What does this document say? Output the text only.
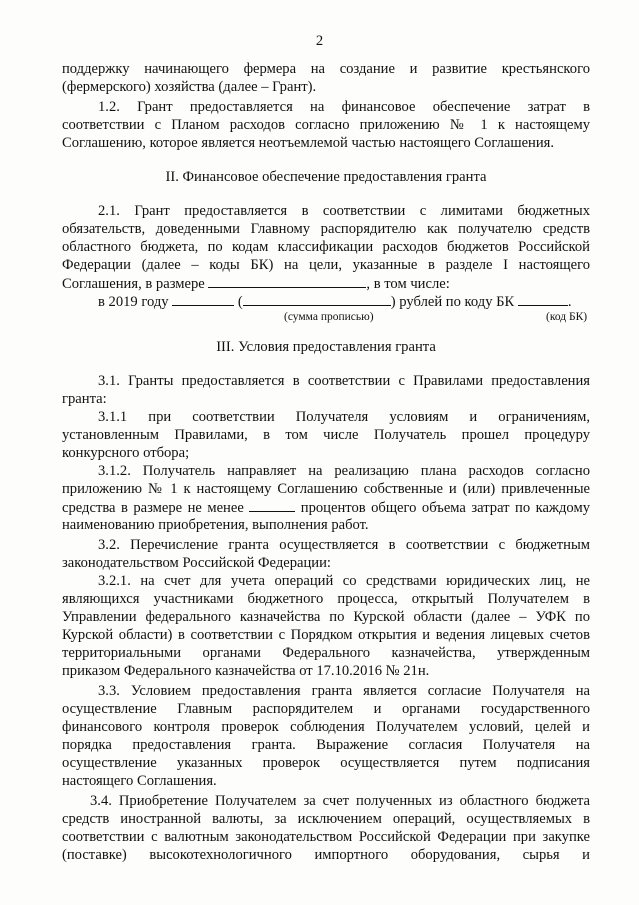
2
поддержку начинающего фермера на создание и развитие крестьянского
(фермерского) хозяйства (далее – Грант).
1.2. Грант предоставляется на финансовое обеспечение затрат в
соответствии с Планом расходов согласно приложению № 1 к настоящему
Соглашению, которое является неотъемлемой частью настоящего Соглашения.
II. Финансовое обеспечение предоставления гранта
2.1. Грант предоставляется в соответствии с лимитами бюджетных
обязательств, доведенными Главному распорядителю как получателю средств
областного бюджета, по кодам классификации расходов бюджетов Российской
Федерации (далее – коды БК) на цели, указанные в разделе I настоящего
Соглашения, в размере	, в том числе:
в 2019 году	(	) рублей по коду БК	.
(сумма прописью)	(код БК)
III. Условия предоставления гранта
3.1. Гранты предоставляется в соответствии с Правилами предоставления
гранта:
3.1.1 при соответствии Получателя условиям и ограничениям,
установленным Правилами, в том числе Получатель прошел процедуру
конкурсного отбора;
3.1.2. Получатель направляет на реализацию плана расходов согласно
приложению № 1 к настоящему Соглашению собственные и (или) привлеченные
средства в размере не менее	процентов общего объема затрат по каждому
наименованию приобретения, выполнения работ.
3.2. Перечисление гранта осуществляется в соответствии с бюджетным
законодательством Российской Федерации:
3.2.1. на счет для учета операций со средствами юридических лиц, не
являющихся участниками бюджетного процесса, открытый Получателем в
Управлении федерального казначейства по Курской области (далее – УФК по
Курской области) в соответствии с Порядком открытия и ведения лицевых счетов
территориальными органами Федерального казначейства, утвержденным
приказом Федерального казначейства от 17.10.2016 № 21н.
3.3. Условием предоставления гранта является согласие Получателя на
осуществление Главным распорядителем и органами государственного
финансового контроля проверок соблюдения Получателем условий, целей и
порядка предоставления гранта. Выражение согласия Получателя на
осуществление указанных проверок осуществляется путем подписания
настоящего Соглашения.
3.4. Приобретение Получателем за счет полученных из областного бюджета
средств иностранной валюты, за исключением операций, осуществляемых в
соответствии с валютным законодательством Российской Федерации при закупке
(поставке) высокотехнологичного импортного оборудования, сырья и
